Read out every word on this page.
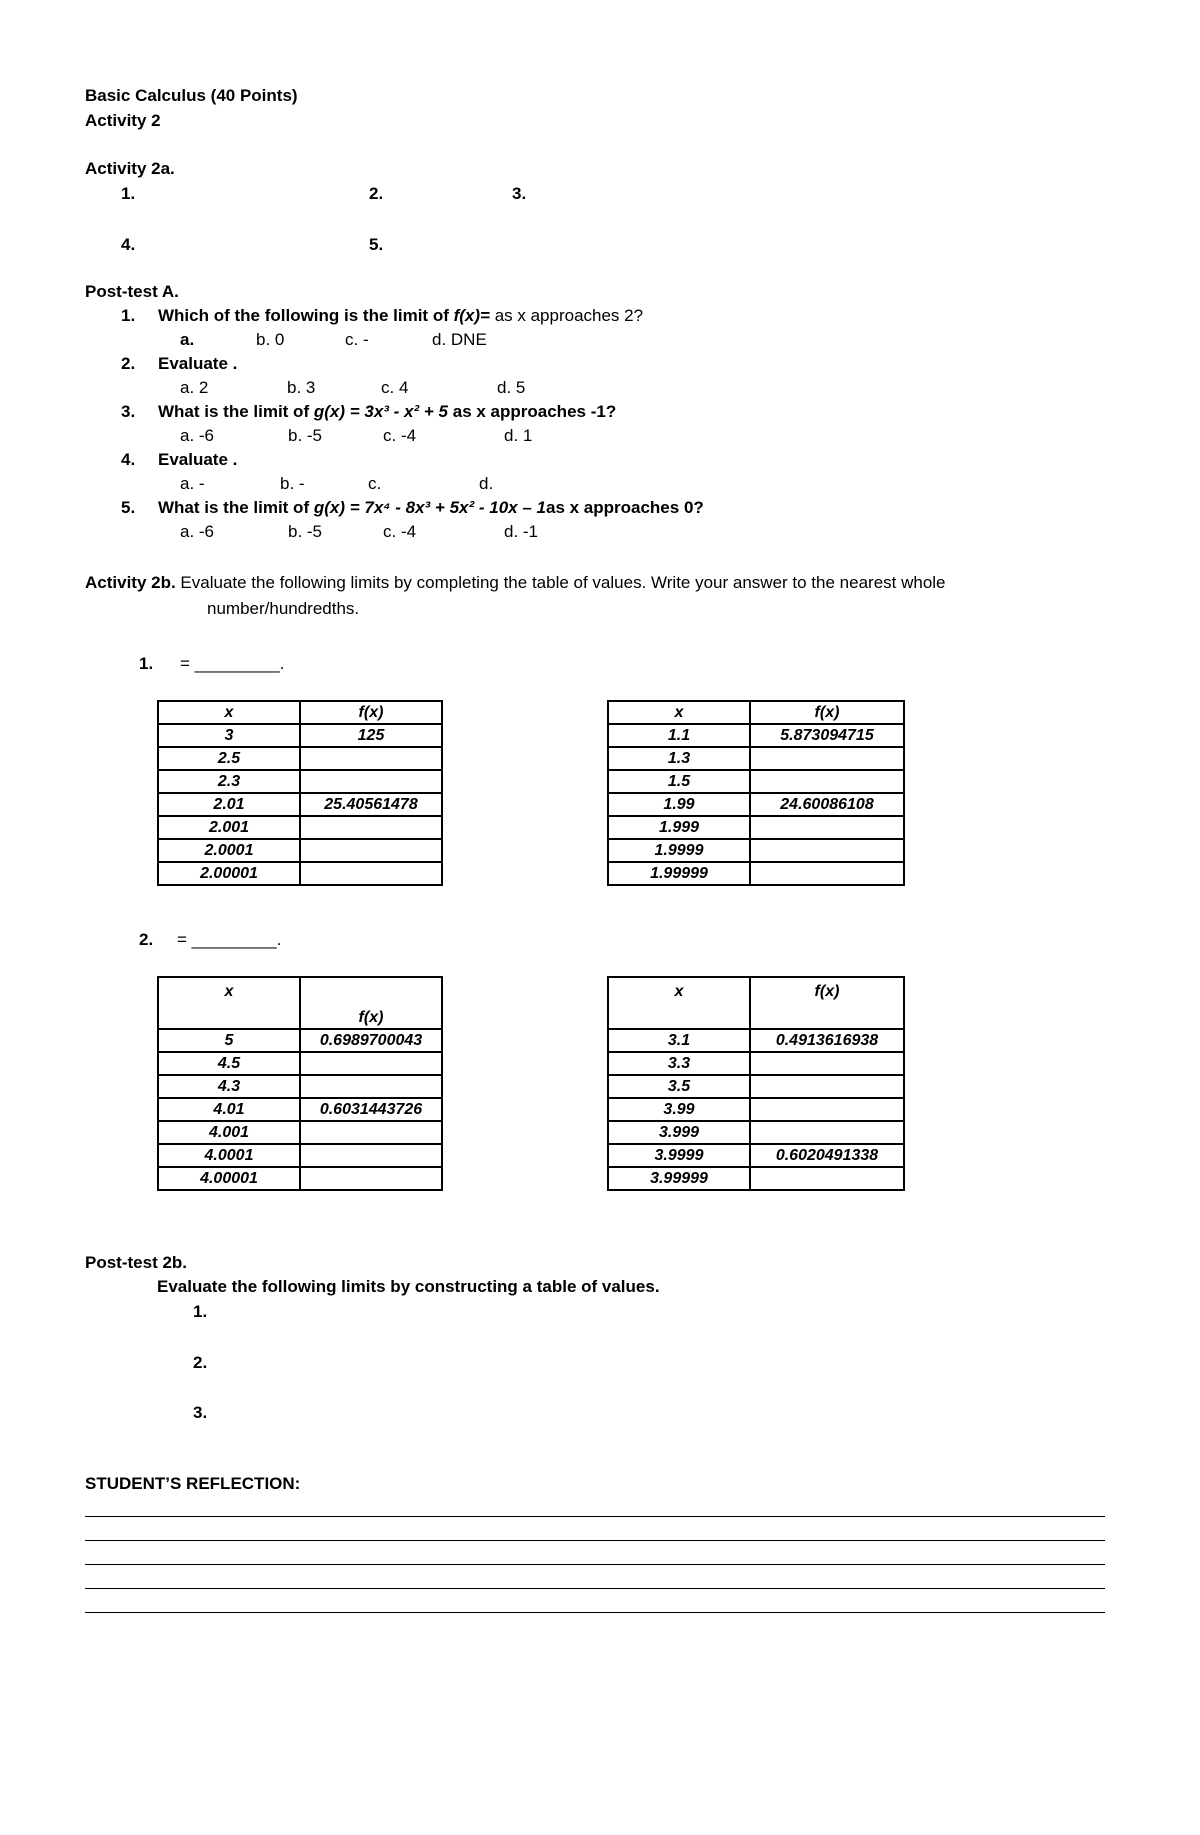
Basic Calculus (40 Points)
Activity 2
Activity 2a.
1.	2.	3.
4.	5.
Post-test A.
1. Which of the following is the limit of f(x)= as x approaches 2?
a.	b. 0	c. -	d. DNE
2. Evaluate .
a. 2	b. 3	c. 4	d. 5
3. What is the limit of g(x) = 3x³ - x² + 5 as x approaches -1?
a. -6	b. -5	c. -4	d. 1
4. Evaluate .
a. -	b. -	c.	d.
5. What is the limit of g(x) = 7x⁴ - 8x³ + 5x² - 10x – 1as x approaches 0?
a. -6	b. -5	c. -4	d. -1
Activity 2b. Evaluate the following limits by completing the table of values. Write your answer to the nearest whole
number/hundredths.
1. = _________.
x	f(x)
3	125
2.5	
2.3	
2.01	25.40561478
2.001	
2.0001	
2.00001	
x	f(x)
1.1	5.873094715
1.3	
1.5	
1.99	24.60086108
1.999	
1.9999	
1.99999	
2. = _________.
x	f(x)
5	0.6989700043
4.5	
4.3	
4.01	0.6031443726
4.001	
4.0001	
4.00001	
x	f(x)
3.1	0.4913616938
3.3	
3.5	
3.99	
3.999	
3.9999	0.6020491338
3.99999	
Post-test 2b.
Evaluate the following limits by constructing a table of values.
1.
2.
3.
STUDENT’S REFLECTION:
